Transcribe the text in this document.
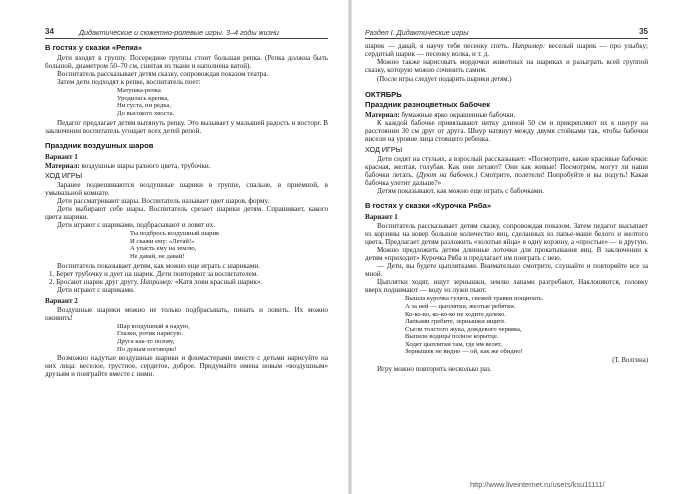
34	Дидактические и сюжетно-ролевые игры. 3–4 годы жизни
В гостях у сказки «Репка»

Дети входят в группу. Посередине группы стоит большая репка. (Репка должна быть большой, диаметром 50–70 см, сшитая из ткани и наполнена ватой).

Воспитатель рассказывает детям сказку, сопровождая показом театра.

Затем дети подходят к репке, воспитатель поет:

Матушка-репка
Уродилась крепка,
Ни густа, ни редка,
До высокого хвоста.

Педагог предлагает детям вытянуть репку. Это вызывает у малышей радость и восторг. В заключении воспитатель угощает всех детей репой.

Праздник воздушных шаров
Вариант 1

Материал: воздушные шары разного цвета, трубочки.

ХОД ИГРЫ

Заранее подвешиваются воздушные шарики в группе, спальне, в приемной, в умывальной комнате.

Дети рассматривают шары. Воспитатель называет цвет шаров, форму.

Дети выбирают себе шары. Воспитатель срезает шарики детям. Спрашивает, какого цвета шарики.

Дети играют с шариками, подбрасывают и ловят их.

Ты подбрось воздушный шарик
И скажи ему: «Летай!»
А упасть ему на землю,
Не давай, не давай!

Воспитатель показывает детям, как можно еще играть с шариками.

1. Берет трубочку и дует на шарик. Дети повторяют за воспитателем.

2. Бросают шарик друг другу. Например: «Катя лови красный шарик».

Дети играют с шариками.

Вариант 2

Воздушные шарики можно не только подбрасывать, пинать и ловить. Их можно оживить!

Шар воздушный я надую,
Глазки, ротик нарисую.
Друга как-то позову,
По душам поговорю!

Возможно надутые воздушные шарики и фломастерами вместе с детьми нарисуйте на них лица: веселое, грустное, сердитое, доброе. Придумайте имена новым «воздушным» друзьям и поиграйте вместе с ними.

Раздел I. Дидактические игры	35

шарик — давай, я научу тебя песенку спеть. Например: веселый шарик — про улыбку; сердитый шарик — песенку волка, и т. д.

Можно также нарисовать мордочки животных на шариках и разыграть всей группой сказку, которую можно сочинить самим.

(После игры следует подарить шарики детям.)

ОКТЯБРЬ
Праздник разноцветных бабочек

Материал: бумажные ярко окрашенные бабочки.

К каждой бабочке привязывают нитку длиной 50 см и прикрепляют их к шнуру на расстоянии 30 см друг от друга. Шнур натянут между двумя стойками так, чтобы бабочки висели на уровне лица стоящего ребенка.

ХОД ИГРЫ

Дети сидят на стульях, а взрослый рассказывает: «Посмотрите, какие красивые бабочки: красная, желтая, голубая. Как они летают? Они как живые! Посмотрим, могут ли наши бабочки летать. (Дуют на бабочек.) Смотрите, полетели! Попробуйте и вы подуть! Какая бабочка улетит дальше?»

Детям показывают, как можно еще играть с бабочками.

В гостях у сказки «Курочка Ряба»
Вариант 1

Воспитатель рассказывает детям сказку, сопровождая показом. Затем педагог высыпает из корзины на ковер большое количество яиц, сделанных из папье-маше белого и желтого цвета. Предлагает детям разложить «золотые яйца» в одну корзину, а «простые» — в другую.

Можно предложить детям длинные лоточки для прокатывания яиц. В заключении к детям «приходит» Курочка Ряба и предлагает им поиграть с нею.

— Дети, вы будете цыплятками. Внимательно смотрите, слушайте и повторяйте все за мной.

Цыплятки ходят, ищут зернышки, землю лапами разгребают, Наклоняются, головку вверх поднимают — воду из лужи пьют.

Вышла курочка гулять, свежей травки пощипать.
А за ней — цыплятки, желтые ребятки.
Ко-ко-ко, ко-ко-ко не ходите далеко.
Лапками гребите, зернышки ищите.
Съели толстого жука, дождевого червяка,
Выпили водицы полное корытце.
Ходят цыплятки там, где им велят,
Зернышек не видно — ой, как же обидно!
(Т. Волгина)

Игру можно повторить несколько раз.

http://www.liveinternet.ru/users/ksu11111/
